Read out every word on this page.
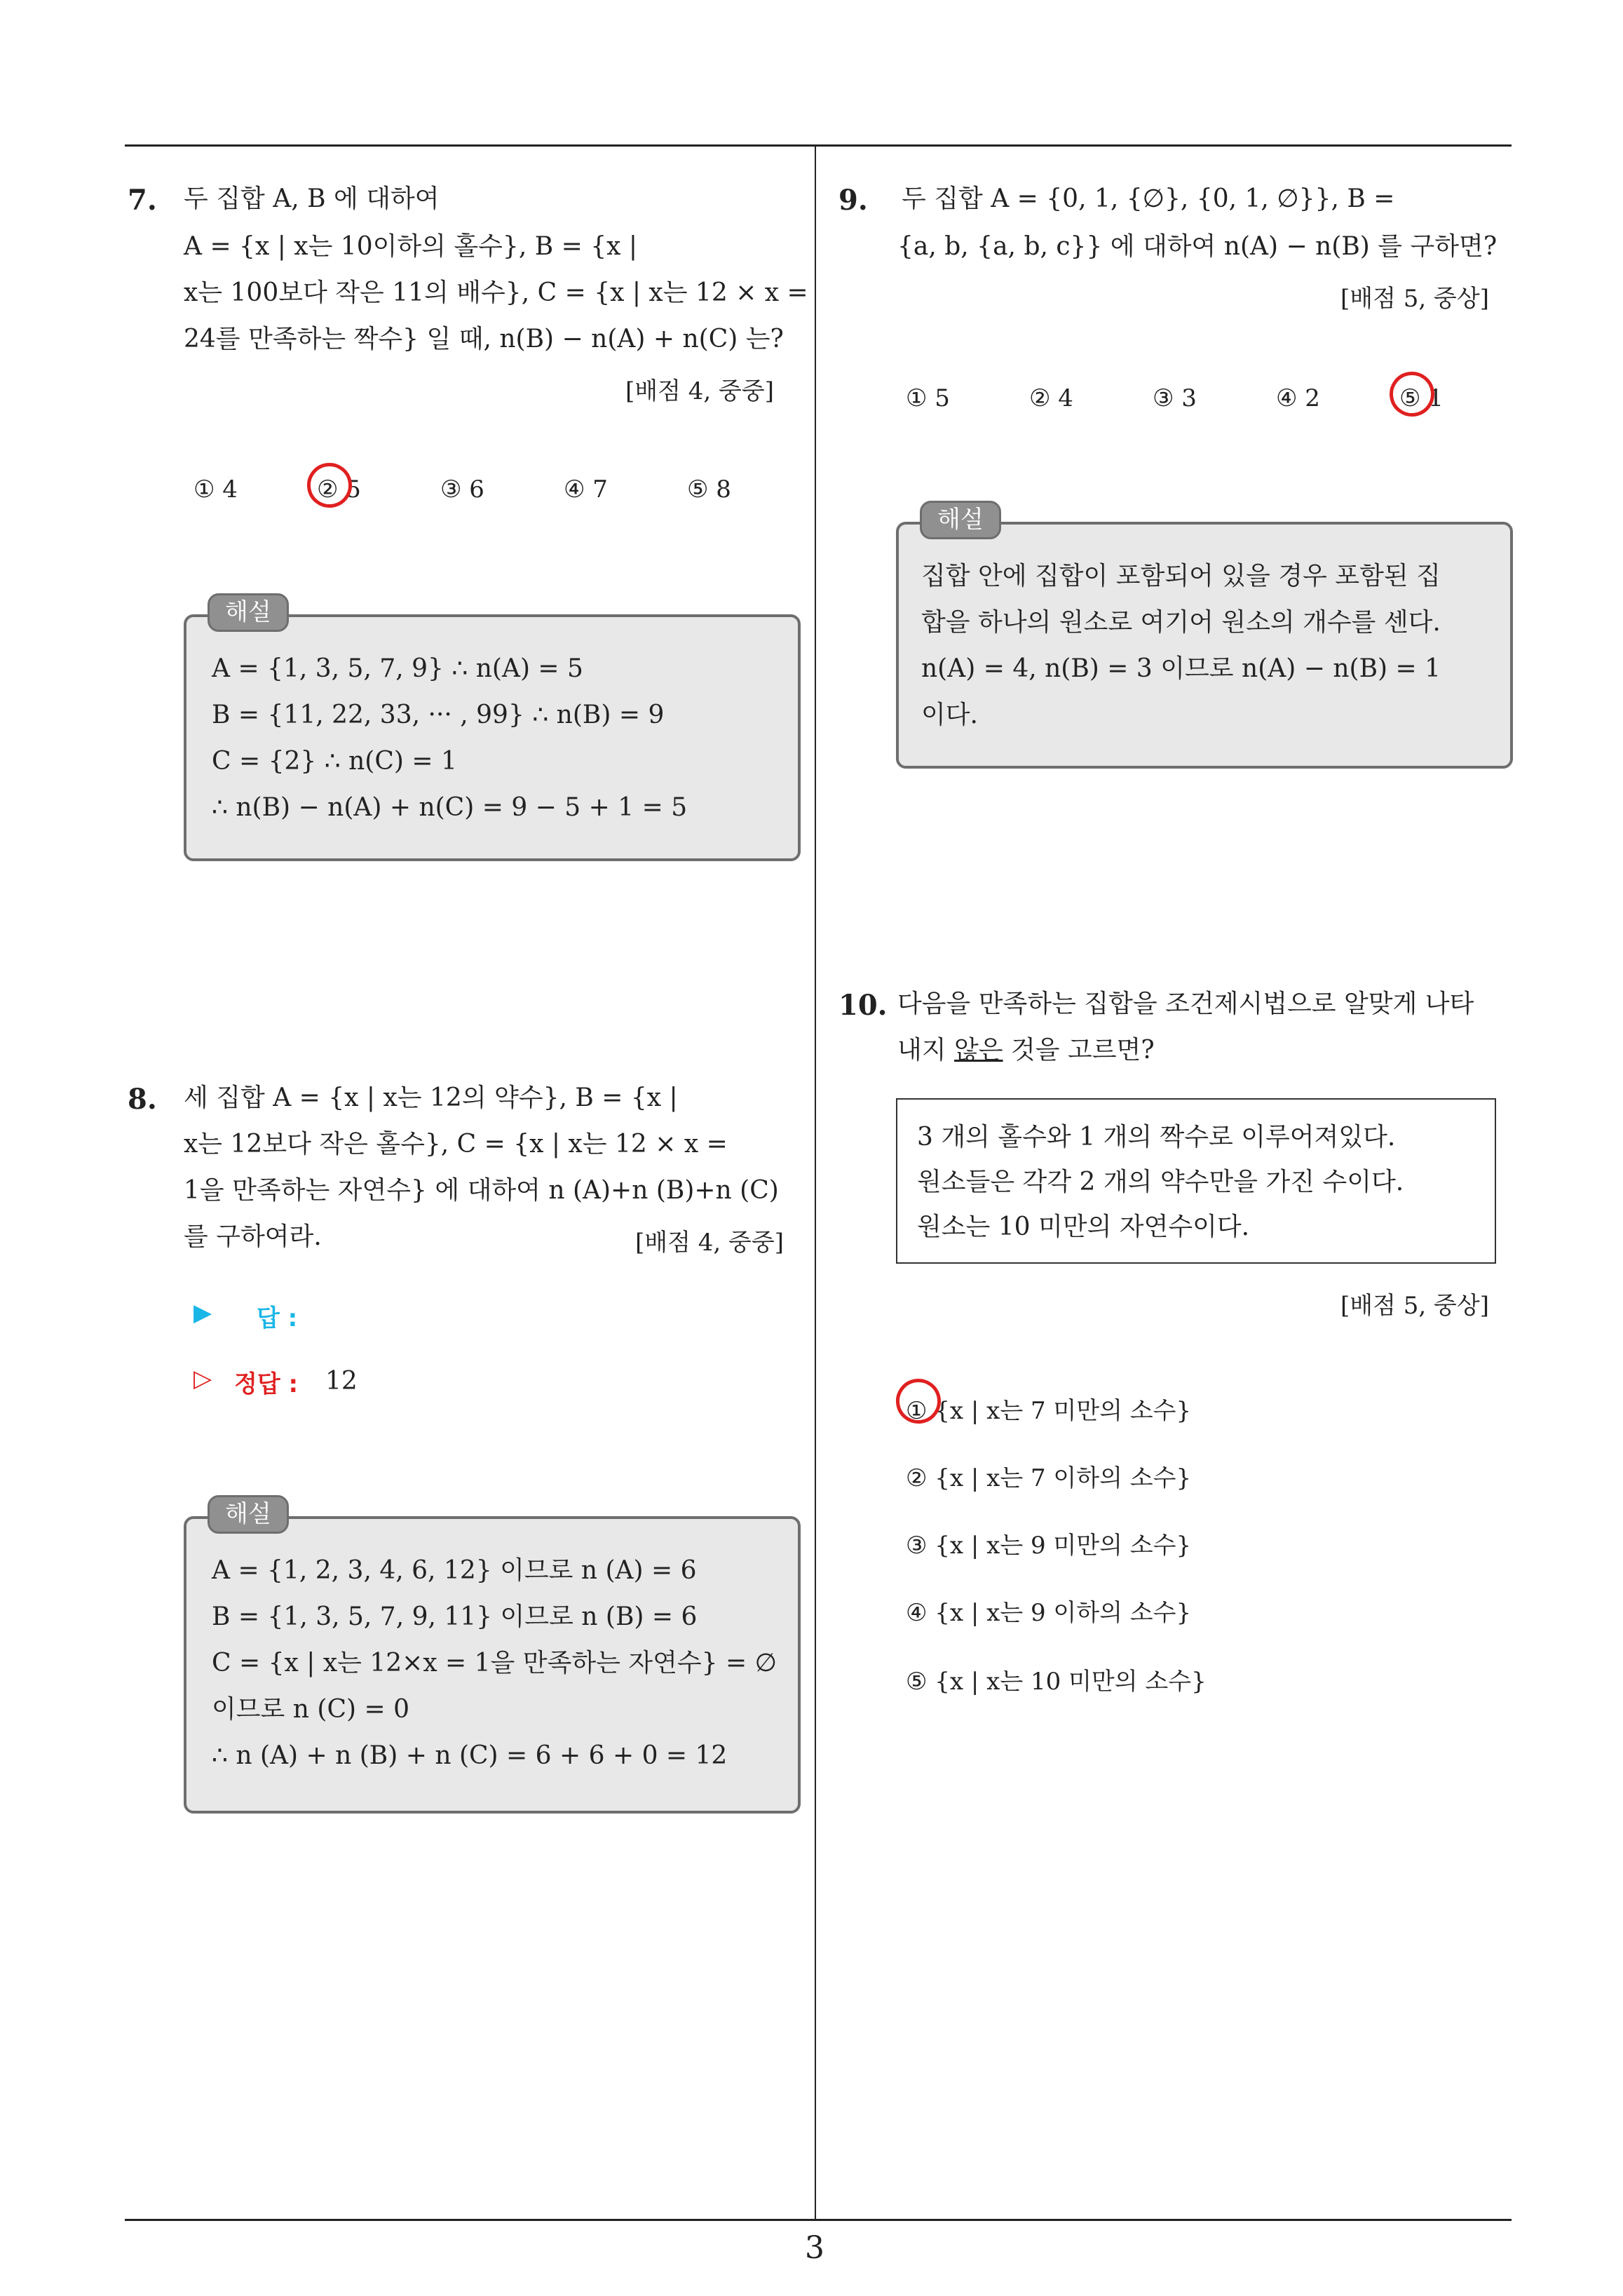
7. 두 집합 A, B 에 대하여
A = {x | x는 10이하의 홀수}, B = {x |
x는 100보다 작은 11의 배수}, C = {x | x는 12 × x =
24를 만족하는 짝수} 일 때, n(B) − n(A) + n(C) 는?
[배점 4, 중중]
① 4	② 5	③ 6	④ 7	⑤ 8
A = {1, 3, 5, 7, 9} ∴ n(A) = 5
B = {11, 22, 33, ··· , 99} ∴ n(B) = 9
C = {2} ∴ n(C) = 1
∴ n(B) − n(A) + n(C) = 9 − 5 + 1 = 5
해설
8. 세 집합 A = {x | x는 12의 약수}, B = {x |
x는 12보다 작은 홀수}, C = {x | x는 12 × x =
1을 만족하는 자연수} 에 대하여 n (A)+n (B)+n (C)
를 구하여라.	[배점 4, 중중]
▶ 답 :
▷ 정답 : 12
A = {1, 2, 3, 4, 6, 12} 이므로 n (A) = 6
B = {1, 3, 5, 7, 9, 11} 이므로 n (B) = 6
C = {x | x는 12×x = 1을 만족하는 자연수} = ∅
이므로 n (C) = 0
∴ n (A) + n (B) + n (C) = 6 + 6 + 0 = 12
해설
9. 두 집합 A = {0, 1, {∅}, {0, 1, ∅}}, B =
{a, b, {a, b, c}} 에 대하여 n(A) − n(B) 를 구하면?
[배점 5, 중상]
① 5	② 4	③ 3	④ 2	⑤ 1
집합 안에 집합이 포함되어 있을 경우 포함된 집
합을 하나의 원소로 여기어 원소의 개수를 센다.
n(A) = 4, n(B) = 3 이므로 n(A) − n(B) = 1
이다.
해설
10. 다음을 만족하는 집합을 조건제시법으로 알맞게 나타
내지 않은 것을 고르면?
3 개의 홀수와 1 개의 짝수로 이루어져있다.
원소들은 각각 2 개의 약수만을 가진 수이다.
원소는 10 미만의 자연수이다.
[배점 5, 중상]
① {x | x는 7 미만의 소수}
② {x | x는 7 이하의 소수}
③ {x | x는 9 미만의 소수}
④ {x | x는 9 이하의 소수}
⑤ {x | x는 10 미만의 소수}
3
